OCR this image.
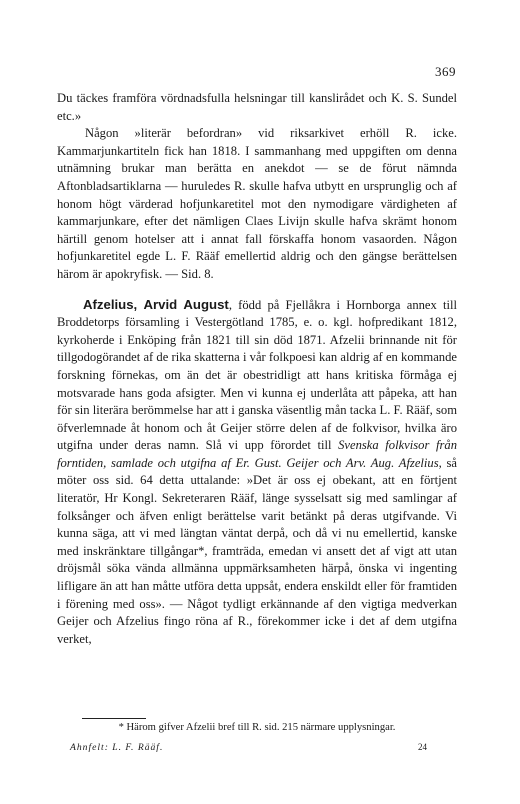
369

Du täckes framföra vördnadsfulla helsningar till kanslirådet och K. S. Sundel etc.»

Någon »literär befordran» vid riksarkivet erhöll R. icke. Kammarjunkartiteln fick han 1818. I sammanhang med uppgiften om denna utnämning brukar man berätta en anekdot — se de förut nämnda Aftonbladsartiklarna — huruledes R. skulle hafva utbytt en ursprunglig och af honom högt värderad hofjunkaretitel mot den nymodigare värdigheten af kammarjunkare, efter det nämligen Claes Livijn skulle hafva skrämt honom härtill genom hotelser att i annat fall förskaffa honom vasaorden. Någon hofjunkaretitel egde L. F. Rääf emellertid aldrig och den gängse berättelsen härom är apokryfisk. — Sid. 8.

Afzelius, Arvid August, född på Fjellåkra i Hornborga annex till Broddetorps församling i Vestergötland 1785, e. o. kgl. hofpredikant 1812, kyrkoherde i Enköping från 1821 till sin död 1871. Afzelii brinnande nit för tillgodogörandet af de rika skatterna i vår folkpoesi kan aldrig af en kommande forskning förnekas, om än det är obestridligt att hans kritiska förmåga ej motsvarade hans goda afsigter. Men vi kunna ej underlåta att påpeka, att han för sin literära berömmelse har att i ganska väsentlig mån tacka L. F. Rääf, som öfverlemnade åt honom och åt Geijer större delen af de folkvisor, hvilka äro utgifna under deras namn. Slå vi upp förordet till Svenska folkvisor från forntiden, samlade och utgifna af Er. Gust. Geijer och Arv. Aug. Afzelius, så möter oss sid. 64 detta uttalande: »Det är oss ej obekant, att en förtjent literatör, Hr Kongl. Sekreteraren Rääf, länge sysselsatt sig med samlingar af folksånger och äfven enligt berättelse varit betänkt på deras utgifvande. Vi kunna säga, att vi med längtan väntat derpå, och då vi nu emellertid, kanske med inskränktare tillgångar*, framträda, emedan vi ansett det af vigt att utan dröjsmål söka vända allmänna uppmärksamheten härpå, önska vi ingenting lifligare än att han måtte utföra detta uppsåt, endera enskildt eller för framtiden i förening med oss». — Något tydligt erkännande af den vigtiga medverkan Geijer och Afzelius fingo röna af R., förekommer icke i det af dem utgifna verket,

* Härom gifver Afzelii bref till R. sid. 215 närmare upplysningar.
Ahnfelt: L. F. Rääf.	24
